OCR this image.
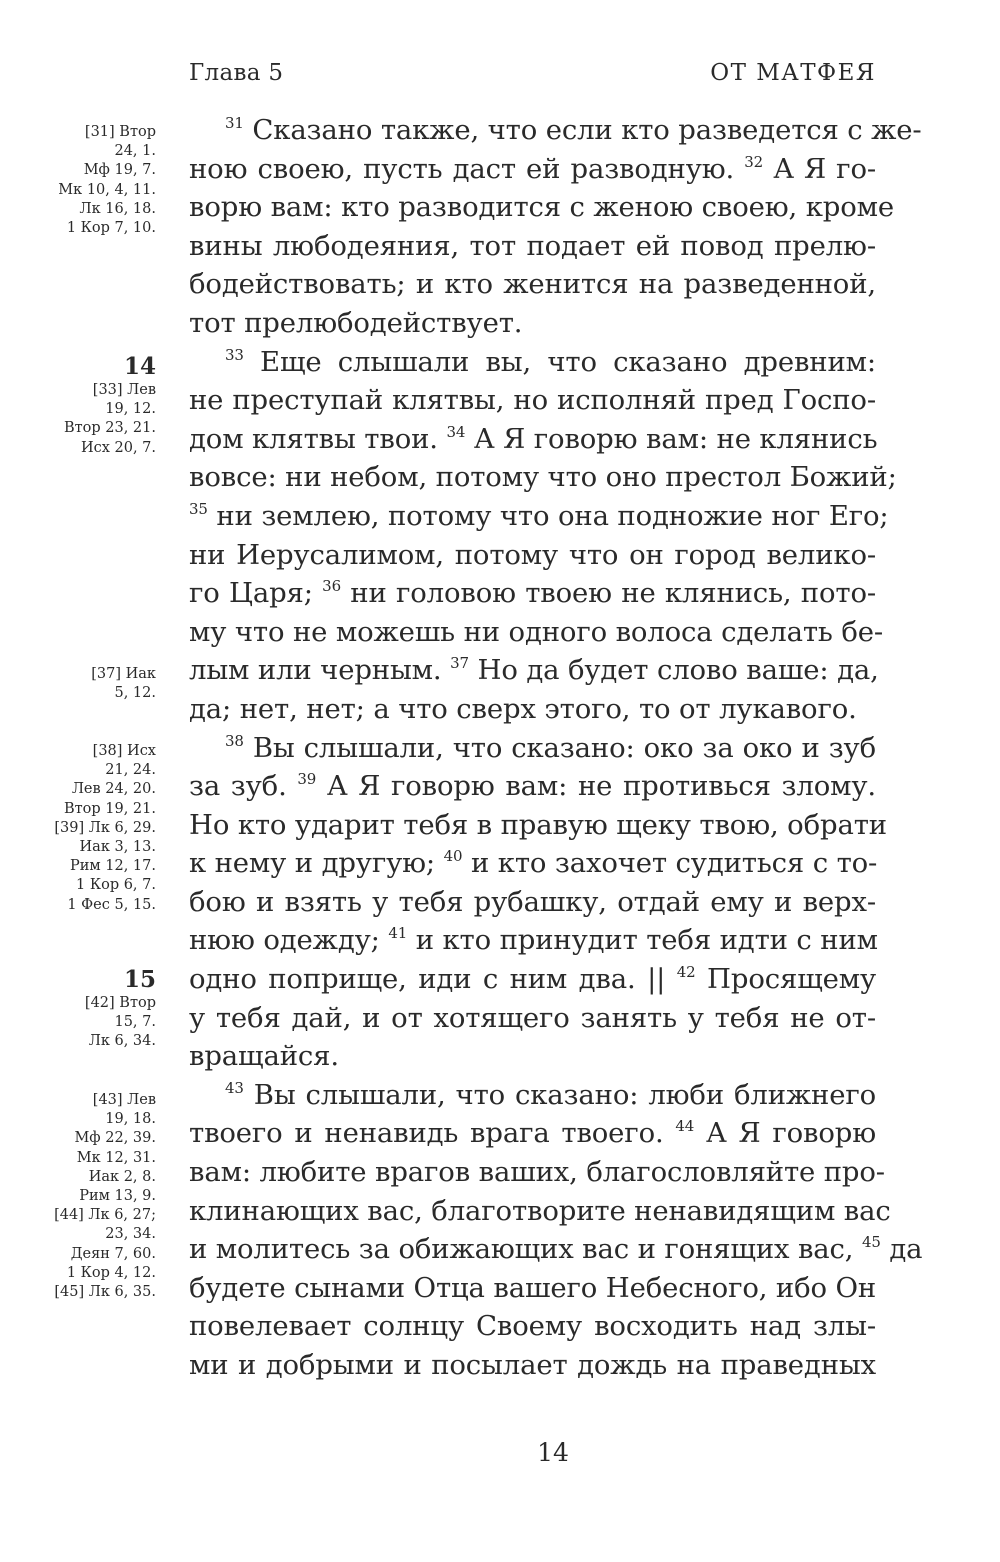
Глава 5	ОТ МАТФЕЯ
[31] Втор
24, 1.
Мф 19, 7.
Мк 10, 4, 11.
Лк 16, 18.
1 Кор 7, 10.
14
[33] Лев
19, 12.
Втор 23, 21.
Исх 20, 7.
[37] Иак
5, 12.
[38] Исх
21, 24.
Лев 24, 20.
Втор 19, 21.
[39] Лк 6, 29.
Иак 3, 13.
Рим 12, 17.
1 Кор 6, 7.
1 Фес 5, 15.
15
[42] Втор
15, 7.
Лк 6, 34.
[43] Лев
19, 18.
Мф 22, 39.
Мк 12, 31.
Иак 2, 8.
Рим 13, 9.
[44] Лк 6, 27;
23, 34.
Деян 7, 60.
1 Кор 4, 12.
[45] Лк 6, 35.
$^{31}$ Сказано также, что если кто разведется с же-
ною своею, пусть даст ей разводную. $^{32}$ А Я го-
ворю вам: кто разводится с женою своею, кроме
вины любодеяния, тот подает ей повод прелю-
бодействовать; и кто женится на разведенной,
тот прелюбодействует.
$^{33}$ Еще слышали вы, что сказано древним:
не преступай клятвы, но исполняй пред Госпо-
дом клятвы твои. $^{34}$ А Я говорю вам: не клянись
вовсе: ни небом, потому что оно престол Божий;
$^{35}$ ни землею, потому что она подножие ног Его;
ни Иерусалимом, потому что он город велико-
го Царя; $^{36}$ ни головою твоею не клянись, пото-
му что не можешь ни одного волоса сделать бе-
лым или черным. $^{37}$ Но да будет слово ваше: да,
да; нет, нет; а что сверх этого, то от лукавого.
$^{38}$ Вы слышали, что сказано: око за око и зуб
за зуб. $^{39}$ А Я говорю вам: не противься злому.
Но кто ударит тебя в правую щеку твою, обрати
к нему и другую; $^{40}$ и кто захочет судиться с то-
бою и взять у тебя рубашку, отдай ему и верх-
нюю одежду; $^{41}$ и кто принудит тебя идти с ним
одно поприще, иди с ним два. || $^{42}$ Просящему
у тебя дай, и от хотящего занять у тебя не от-
вращайся.
$^{43}$ Вы слышали, что сказано: люби ближнего
твоего и ненавидь врага твоего. $^{44}$ А Я говорю
вам: любите врагов ваших, благословляйте про-
клинающих вас, благотворите ненавидящим вас
и молитесь за обижающих вас и гонящих вас, $^{45}$ да
будете сынами Отца вашего Небесного, ибо Он
повелевает солнцу Своему восходить над злы-
ми и добрыми и посылает дождь на праведных
14
